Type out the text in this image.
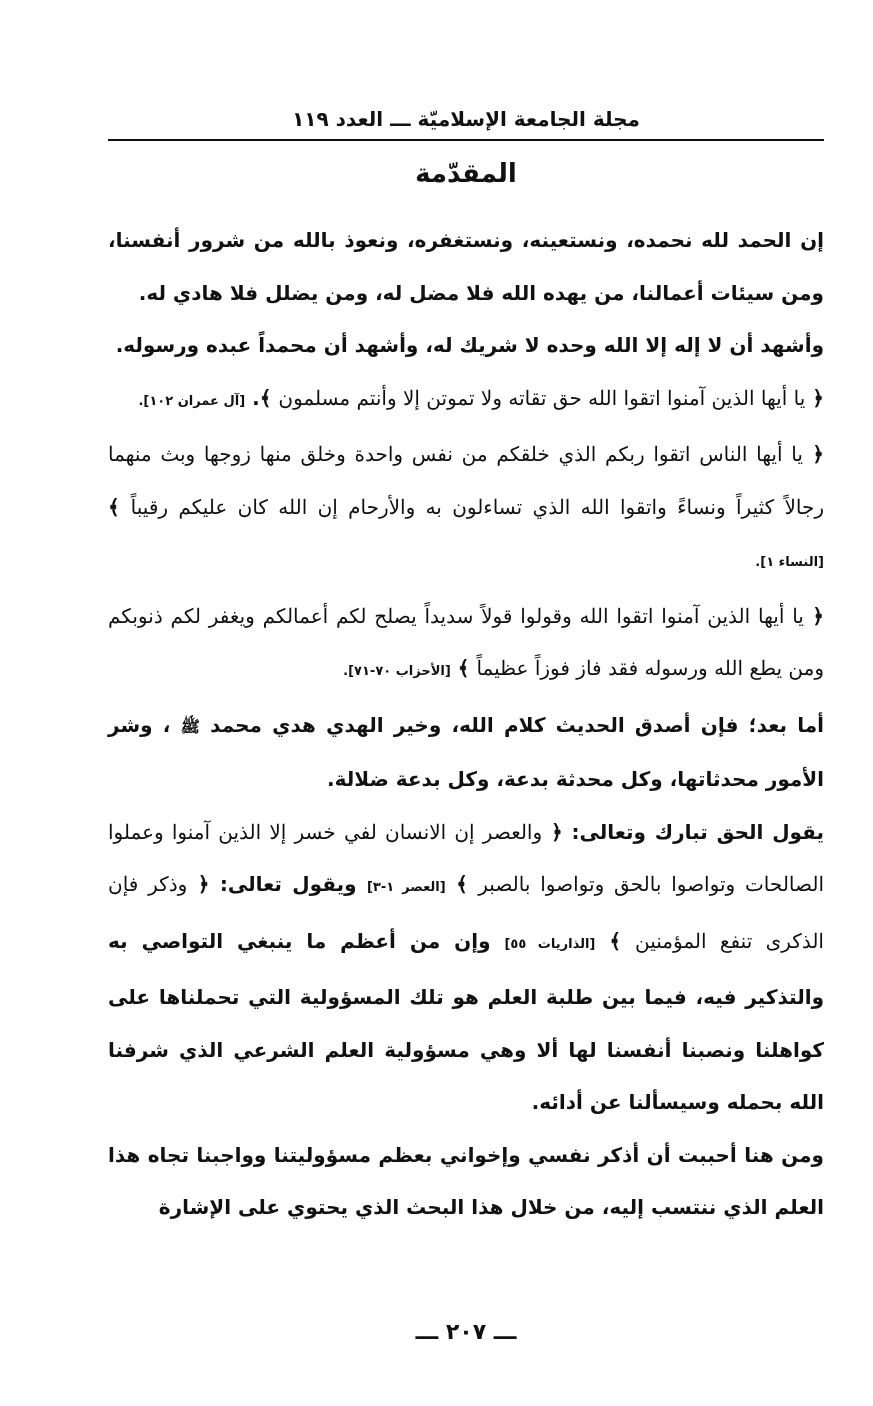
مجلة الجامعة الإسلاميّة ـــ العدد ١١٩
المقدّمة

إن الحمد لله نحمده، ونستعينه، ونستغفره، ونعوذ بالله من شرور أنفسنا، ومن سيئات أعمالنا، من يهده الله فلا مضل له، ومن يضلل فلا هادي له.

وأشهد أن لا إله إلا الله وحده لا شريك له، وأشهد أن محمداً عبده ورسوله.

﴿ يا أيها الذين آمنوا اتقوا الله حق تقاته ولا تموتن إلا وأنتم مسلمون ﴾. [آل عمران ١٠٢].

﴿ يا أيها الناس اتقوا ربكم الذي خلقكم من نفس واحدة وخلق منها زوجها وبث منهما رجالاً كثيراً ونساءً واتقوا الله الذي تساءلون به والأرحام إن الله كان عليكم رقيباً ﴾ [النساء ١].

﴿ يا أيها الذين آمنوا اتقوا الله وقولوا قولاً سديداً يصلح لكم أعمالكم ويغفر لكم ذنوبكم ومن يطع الله ورسوله فقد فاز فوزاً عظيماً ﴾ [الأحزاب ٧٠-٧١].

أما بعد؛ فإن أصدق الحديث كلام الله، وخير الهدي هدي محمد ﷺ ، وشر الأمور محدثاتها، وكل محدثة بدعة، وكل بدعة ضلالة.

يقول الحق تبارك وتعالى: ﴿ والعصر إن الانسان لفي خسر إلا الذين آمنوا وعملوا الصالحات وتواصوا بالحق وتواصوا بالصبر ﴾ [العصر ١-٣] ويقول تعالى: ﴿ وذكر فإن الذكرى تنفع المؤمنين ﴾ [الذاريات ٥٥] وإن من أعظم ما ينبغي التواصي به والتذكير فيه، فيما بين طلبة العلم هو تلك المسؤولية التي تحملناها على كواهلنا ونصبنا أنفسنا لها ألا وهي مسؤولية العلم الشرعي الذي شرفنا الله بحمله وسيسألنا عن أدائه.

ومن هنا أحببت أن أذكر نفسي وإخواني بعظم مسؤوليتنا وواجبنا تجاه هذا العلم الذي ننتسب إليه، من خلال هذا البحث الذي يحتوي على الإشارة

ـــ ٢٠٧ ـــ
